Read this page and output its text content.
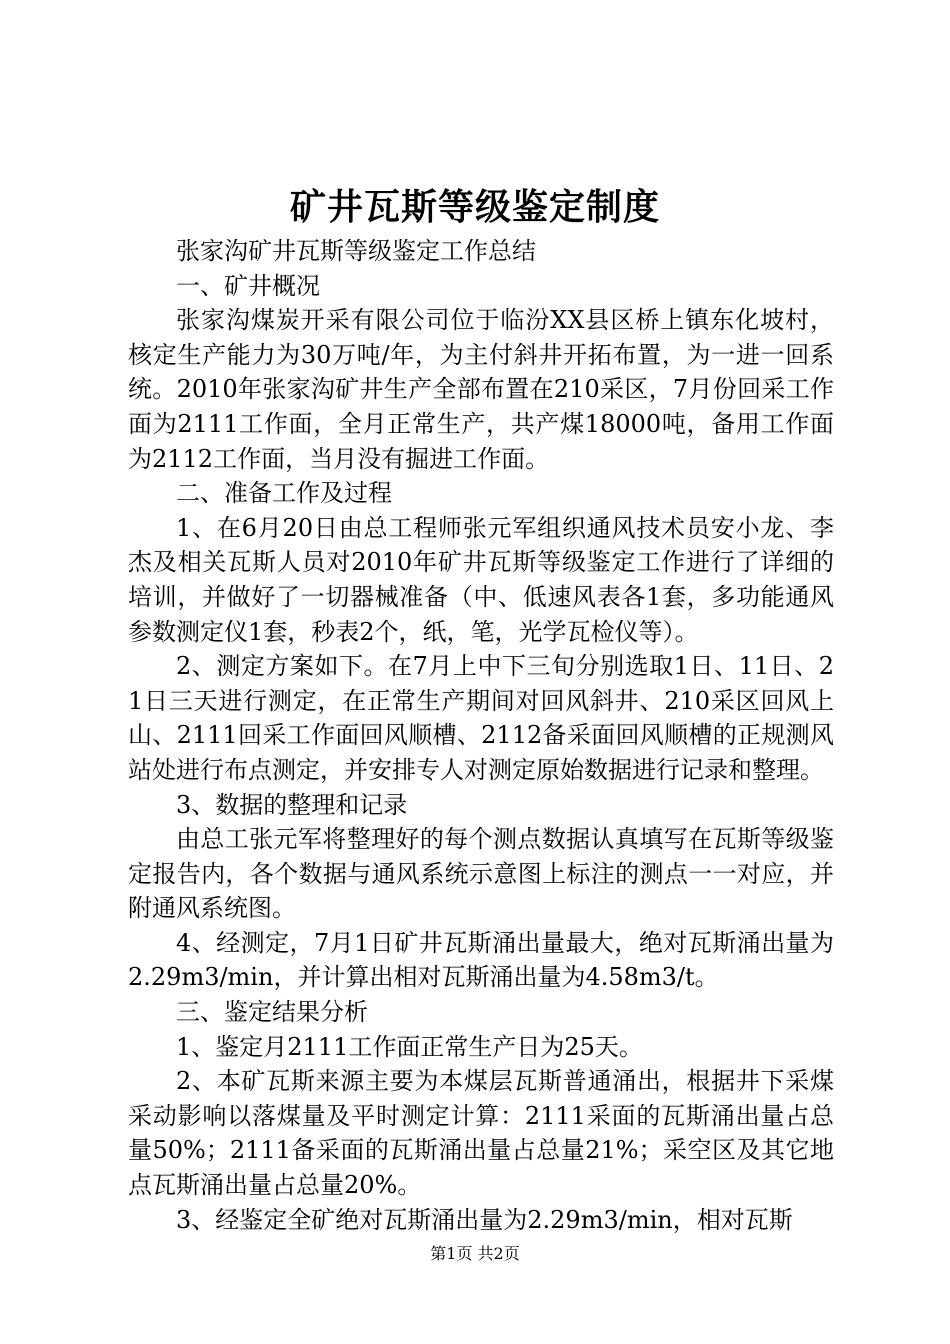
矿井瓦斯等级鉴定制度

张家沟矿井瓦斯等级鉴定工作总结

一、矿井概况

张家沟煤炭开采有限公司位于临汾XX县区桥上镇东化坡村，核定生产能力为30万吨/年，为主付斜井开拓布置，为一进一回系统。2010年张家沟矿井生产全部布置在210采区，7月份回采工作面为2111工作面，全月正常生产，共产煤18000吨，备用工作面为2112工作面，当月没有掘进工作面。

二、准备工作及过程

1、在6月20日由总工程师张元军组织通风技术员安小龙、李杰及相关瓦斯人员对2010年矿井瓦斯等级鉴定工作进行了详细的培训，并做好了一切器械准备（中、低速风表各1套，多功能通风参数测定仪1套，秒表2个，纸，笔，光学瓦检仪等）。

2、测定方案如下。在7月上中下三旬分别选取1日、11日、21日三天进行测定，在正常生产期间对回风斜井、210采区回风上山、2111回采工作面回风顺槽、2112备采面回风顺槽的正规测风站处进行布点测定，并安排专人对测定原始数据进行记录和整理。

3、数据的整理和记录

由总工张元军将整理好的每个测点数据认真填写在瓦斯等级鉴定报告内，各个数据与通风系统示意图上标注的测点一一对应，并附通风系统图。

4、经测定，7月1日矿井瓦斯涌出量最大，绝对瓦斯涌出量为2.29m3/min，并计算出相对瓦斯涌出量为4.58m3/t。

三、鉴定结果分析

1、鉴定月2111工作面正常生产日为25天。

2、本矿瓦斯来源主要为本煤层瓦斯普通涌出，根据井下采煤采动影响以落煤量及平时测定计算：2111采面的瓦斯涌出量占总量50%；2111备采面的瓦斯涌出量占总量21%；采空区及其它地点瓦斯涌出量占总量20%。

3、经鉴定全矿绝对瓦斯涌出量为2.29m3/min，相对瓦斯

第1页 共2页
